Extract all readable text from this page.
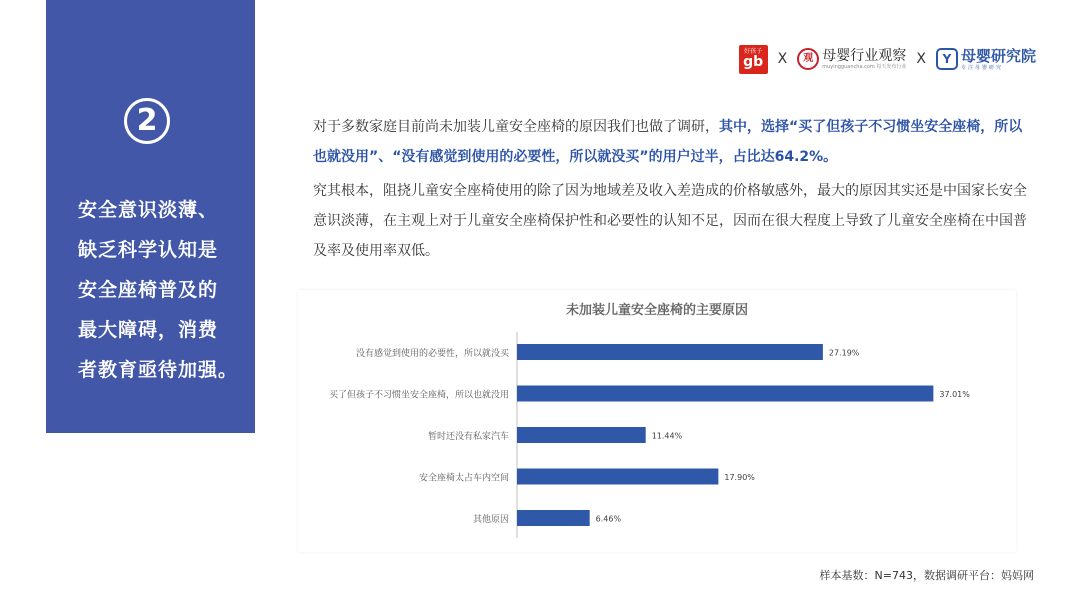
2
安全意识淡薄、
缺乏科学认知是
安全座椅普及的
最大障碍，消费
者教育亟待加强。
好孩子
gb X	观 母婴行业观察
muyingguancha.com 每天发布行业 X	Y 母婴研究院
专注母婴研究
对于多数家庭目前尚未加装儿童安全座椅的原因我们也做了调研，其中，选择“买了但孩子不习惯坐安全座椅，所以也就没用”、“没有感觉到使用的必要性，所以就没买”的用户过半，占比达64.2%。
究其根本，阻挠儿童安全座椅使用的除了因为地域差及收入差造成的价格敏感外，最大的原因其实还是中国家长安全意识淡薄，在主观上对于儿童安全座椅保护性和必要性的认知不足，因而在很大程度上导致了儿童安全座椅在中国普及率及使用率双低。
未加装儿童安全座椅的主要原因
没有感觉到使用的必要性，所以就没买	27.19%
买了但孩子不习惯坐安全座椅，所以也就没用	37.01%
暂时还没有私家汽车	11.44%
安全座椅太占车内空间	17.90%
其他原因	6.46%
样本基数：N=743，数据调研平台：妈妈网
